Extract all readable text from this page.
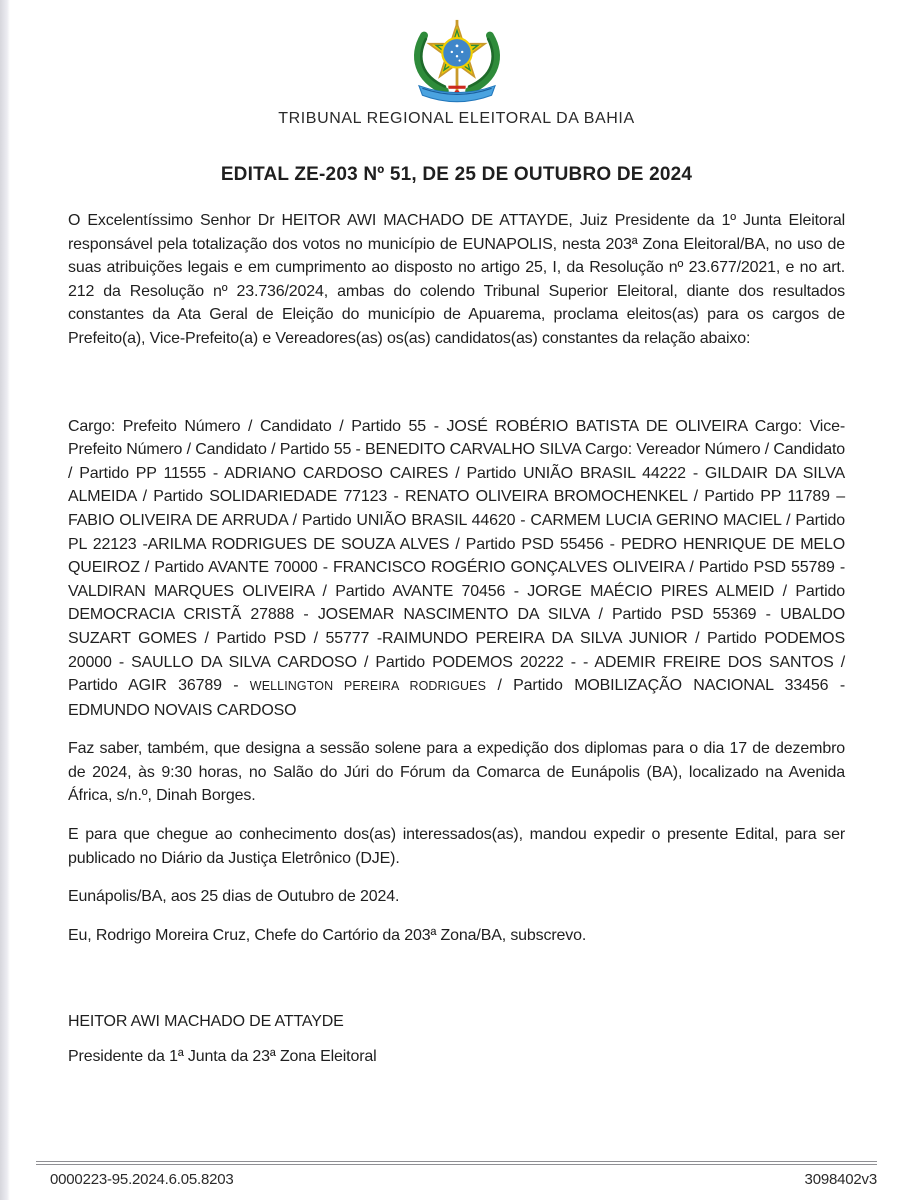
TRIBUNAL REGIONAL ELEITORAL DA BAHIA
EDITAL ZE-203 Nº 51, DE 25 DE OUTUBRO DE 2024

O Excelentíssimo Senhor Dr HEITOR AWI MACHADO DE ATTAYDE, Juiz Presidente da 1º Junta Eleitoral responsável pela totalização dos votos no município de EUNAPOLIS, nesta 203ª Zona Eleitoral/BA, no uso de suas atribuições legais e em cumprimento ao disposto no artigo 25, I, da Resolução nº 23.677/2021, e no art. 212 da Resolução nº 23.736/2024, ambas do colendo Tribunal Superior Eleitoral, diante dos resultados constantes da Ata Geral de Eleição do município de Apuarema, proclama eleitos(as) para os cargos de Prefeito(a), Vice-Prefeito(a) e Vereadores(as) os(as) candidatos(as) constantes da relação abaixo:

Cargo: Prefeito Número / Candidato / Partido 55 - JOSÉ ROBÉRIO BATISTA DE OLIVEIRA Cargo: Vice-Prefeito Número / Candidato / Partido 55 - BENEDITO CARVALHO SILVA Cargo: Vereador Número / Candidato / Partido PP 11555 - ADRIANO CARDOSO CAIRES / Partido UNIÃO BRASIL 44222 - GILDAIR DA SILVA ALMEIDA / Partido SOLIDARIEDADE 77123 - RENATO OLIVEIRA BROMOCHENKEL / Partido PP 11789 – FABIO OLIVEIRA DE ARRUDA / Partido UNIÃO BRASIL 44620 - CARMEM LUCIA GERINO MACIEL / Partido PL 22123 -ARILMA RODRIGUES DE SOUZA ALVES / Partido PSD 55456 - PEDRO HENRIQUE DE MELO QUEIROZ / Partido AVANTE 70000 - FRANCISCO ROGÉRIO GONÇALVES OLIVEIRA / Partido PSD 55789 - VALDIRAN MARQUES OLIVEIRA / Partido AVANTE 70456 - JORGE MAÉCIO PIRES ALMEID / Partido DEMOCRACIA CRISTÃ 27888 - JOSEMAR NASCIMENTO DA SILVA / Partido PSD 55369 - UBALDO SUZART GOMES / Partido PSD / 55777 -RAIMUNDO PEREIRA DA SILVA JUNIOR / Partido PODEMOS 20000 - SAULLO DA SILVA CARDOSO / Partido PODEMOS 20222 - - ADEMIR FREIRE DOS SANTOS / Partido AGIR 36789 - WELLINGTON PEREIRA RODRIGUES / Partido MOBILIZAÇÃO NACIONAL 33456 - EDMUNDO NOVAIS CARDOSO

Faz saber, também, que designa a sessão solene para a expedição dos diplomas para o dia 17 de dezembro de 2024, às 9:30 horas, no Salão do Júri do Fórum da Comarca de Eunápolis (BA), localizado na Avenida África, s/n.º, Dinah Borges.

E para que chegue ao conhecimento dos(as) interessados(as), mandou expedir o presente Edital, para ser publicado no Diário da Justiça Eletrônico (DJE).

Eunápolis/BA, aos 25 dias de Outubro de 2024.

Eu, Rodrigo Moreira Cruz, Chefe do Cartório da 203ª Zona/BA, subscrevo.

HEITOR AWI MACHADO DE ATTAYDE
Presidente da 1ª Junta da 23ª Zona Eleitoral
0000223-95.2024.6.05.8203	3098402v3
